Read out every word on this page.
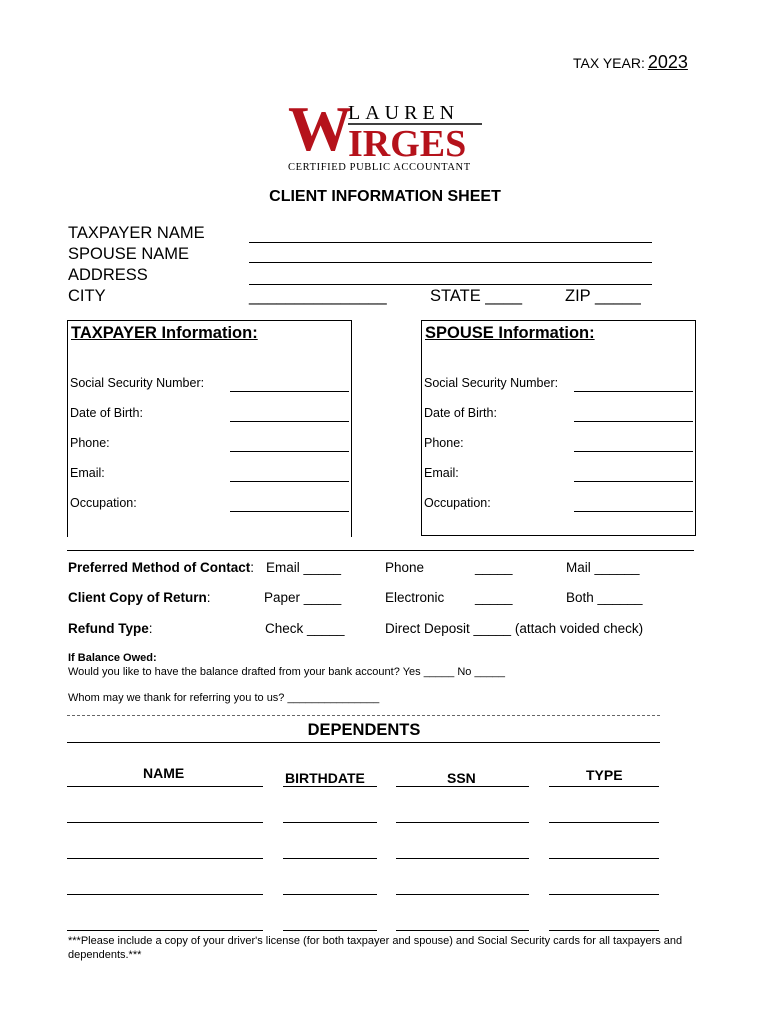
TAX YEAR: 2023
W
LAUREN
IRGES
CERTIFIED PUBLIC ACCOUNTANT
CLIENT INFORMATION SHEET
TAXPAYER NAME
SPOUSE NAME
ADDRESS
CITY	_______________	STATE ____	ZIP _____
TAXPAYER Information:
Social Security Number:
Date of Birth:
Phone:
Email:
Occupation:
SPOUSE Information:
Social Security Number:
Date of Birth:
Phone:
Email:
Occupation:
Preferred Method of Contact: Email _____	Phone	_____	Mail ______
Client Copy of Return:	Paper _____	Electronic _____	Both ______
Refund Type:	Check _____	Direct Deposit _____ (attach voided check)
If Balance Owed:
Would you like to have the balance drafted from your bank account? Yes _____ No _____
Whom may we thank for referring you to us? _______________
DEPENDENTS
NAME	BIRTHDATE	SSN	TYPE
***Please include a copy of your driver's license (for both taxpayer and spouse) and Social Security cards for all taxpayers and dependents.***
